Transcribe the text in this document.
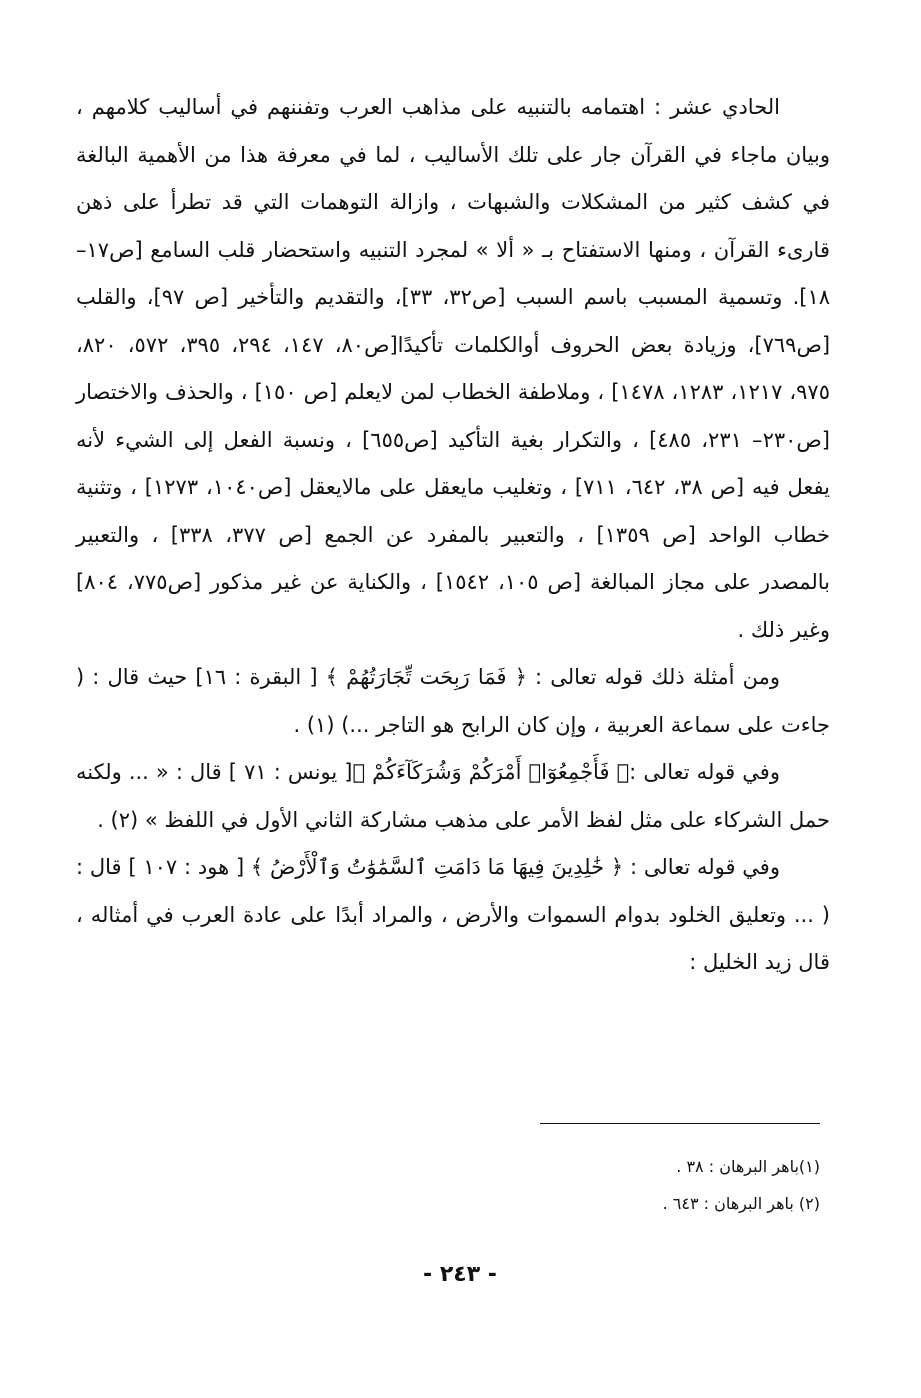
الحادي عشر : اهتمامه بالتنبيه على مذاهب العرب وتفننهم في أساليب كلامهم ، وبيان ماجاء في القرآن جار على تلك الأساليب ، لما في معرفة هذا من الأهمية البالغة في كشف كثير من المشكلات والشبهات ، وازالة التوهمات التي قد تطرأ على ذهن قارىء القرآن ، ومنها الاستفتاح بـ « ألا » لمجرد التنبيه واستحضار قلب السامع [ص١٧– ١٨]. وتسمية المسبب باسم السبب [ص٣٢، ٣٣]، والتقديم والتأخير [ص ٩٧]، والقلب [ص٧٦٩]، وزيادة بعض الحروف أوالكلمات تأكيدًا[ص٨٠، ١٤٧، ٢٩٤، ٣٩٥، ٥٧٢، ٨٢٠، ٩٧٥، ١٢١٧، ١٢٨٣، ١٤٧٨] ، وملاطفة الخطاب لمن لايعلم [ص ١٥٠] ، والحذف والاختصار [ص٢٣٠– ٢٣١، ٤٨٥] ، والتكرار بغية التأكيد [ص٦٥٥] ، ونسبة الفعل إلى الشيء لأنه يفعل فيه [ص ٣٨، ٦٤٢، ٧١١] ، وتغليب مايعقل على مالايعقل [ص١٠٤٠، ١٢٧٣] ، وتثنية خطاب الواحد [ص ١٣٥٩] ، والتعبير بالمفرد عن الجمع [ص ٣٧٧، ٣٣٨] ، والتعبير بالمصدر على مجاز المبالغة [ص ١٠٥، ١٥٤٢] ، والكناية عن غير مذكور [ص٧٧٥، ٨٠٤] وغير ذلك .

ومن أمثلة ذلك قوله تعالى : ﴿ فَمَا رَبِحَت تِّجَارَتُهُمْ ﴾ [ البقرة : ١٦] حيث قال : ( جاءت على سماعة العربية ، وإن كان الرابح هو التاجر ...) (١) .

وفي قوله تعالى :﴿ فَأَجْمِعُوٓا۟ أَمْرَكُمْ وَشُرَكَآءَكُمْ ﴾[ يونس : ٧١ ] قال : « ... ولكنه حمل الشركاء على مثل لفظ الأمر على مذهب مشاركة الثاني الأول في اللفظ » (٢) .

وفي قوله تعالى : ﴿ خَٰلِدِينَ فِيهَا مَا دَامَتِ ٱلسَّمَٰوَٰتُ وَٱلْأَرْضُ ﴾ [ هود : ١٠٧ ] قال : ( ... وتعليق الخلود بدوام السموات والأرض ، والمراد أبدًا على عادة العرب في أمثاله ، قال زيد الخليل :

(١)باهر البرهان : ٣٨ .

(٢) باهر البرهان : ٦٤٣ .

- ٢٤٣ -
